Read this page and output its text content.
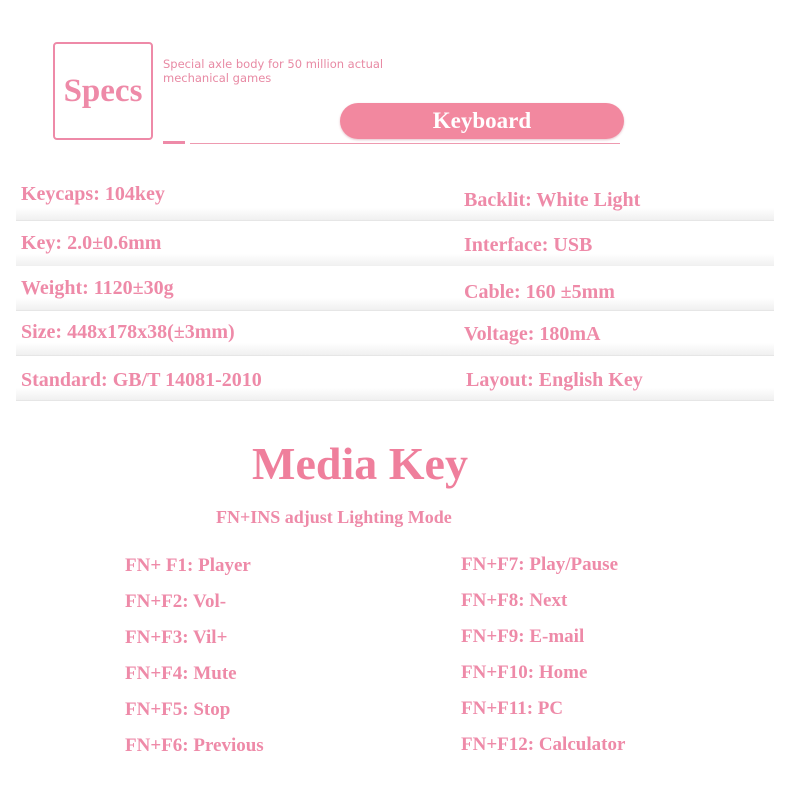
Specs
Special axle body for 50 million actual mechanical games
Keyboard
Keycaps: 104key	Backlit: White Light
Key: 2.0±0.6mm	Interface: USB
Weight: 1120±30g	Cable: 160 ±5mm
Size: 448x178x38(±3mm)	Voltage: 180mA
Standard: GB/T 14081-2010	Layout: English Key
Media Key
FN+INS adjust Lighting Mode
FN+ F1: Player
FN+F2: Vol-
FN+F3: Vil+
FN+F4: Mute
FN+F5: Stop
FN+F6: Previous
FN+F7: Play/Pause
FN+F8: Next
FN+F9: E-mail
FN+F10: Home
FN+F11: PC
FN+F12: Calculator
